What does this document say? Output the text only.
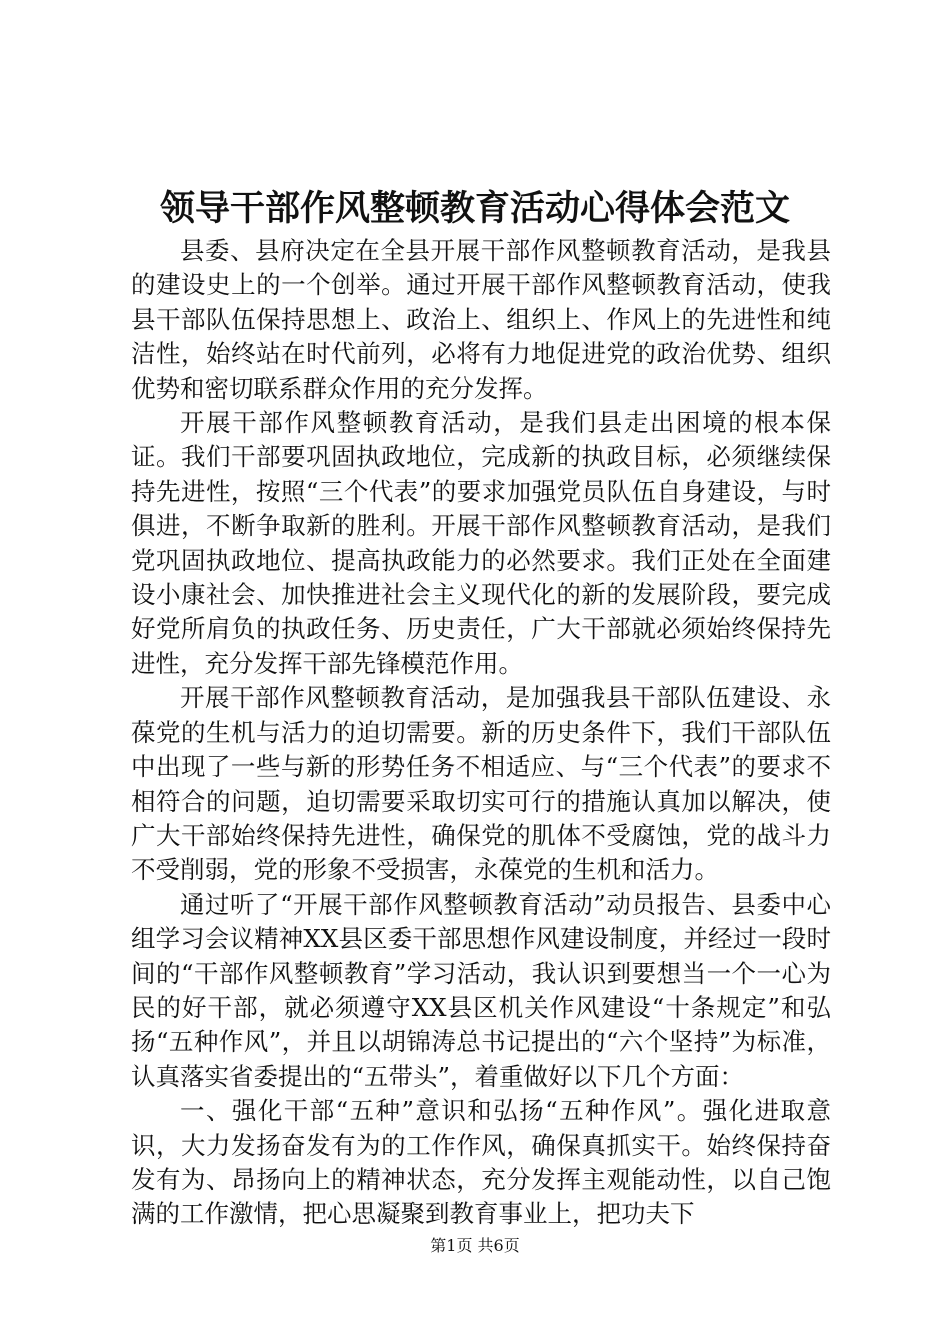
领导干部作风整顿教育活动心得体会范文

县委、县府决定在全县开展干部作风整顿教育活动，是我县的建设史上的一个创举。通过开展干部作风整顿教育活动，使我县干部队伍保持思想上、政治上、组织上、作风上的先进性和纯洁性，始终站在时代前列，必将有力地促进党的政治优势、组织优势和密切联系群众作用的充分发挥。

开展干部作风整顿教育活动，是我们县走出困境的根本保证。我们干部要巩固执政地位，完成新的执政目标，必须继续保持先进性，按照“三个代表”的要求加强党员队伍自身建设，与时俱进，不断争取新的胜利。开展干部作风整顿教育活动，是我们党巩固执政地位、提高执政能力的必然要求。我们正处在全面建设小康社会、加快推进社会主义现代化的新的发展阶段，要完成好党所肩负的执政任务、历史责任，广大干部就必须始终保持先进性，充分发挥干部先锋模范作用。

开展干部作风整顿教育活动，是加强我县干部队伍建设、永葆党的生机与活力的迫切需要。新的历史条件下，我们干部队伍中出现了一些与新的形势任务不相适应、与“三个代表”的要求不相符合的问题，迫切需要采取切实可行的措施认真加以解决，使广大干部始终保持先进性，确保党的肌体不受腐蚀，党的战斗力不受削弱，党的形象不受损害，永葆党的生机和活力。

通过听了“开展干部作风整顿教育活动”动员报告、县委中心组学习会议精神XX县区委干部思想作风建设制度，并经过一段时间的“干部作风整顿教育”学习活动，我认识到要想当一个一心为民的好干部，就必须遵守XX县区机关作风建设“十条规定”和弘扬“五种作风”，并且以胡锦涛总书记提出的“六个坚持”为标准，认真落实省委提出的“五带头”，着重做好以下几个方面：

一、强化干部“五种”意识和弘扬“五种作风”。强化进取意识，大力发扬奋发有为的工作作风，确保真抓实干。始终保持奋发有为、昂扬向上的精神状态，充分发挥主观能动性，以自己饱满的工作激情，把心思凝聚到教育事业上，把功夫下

第1页 共6页
